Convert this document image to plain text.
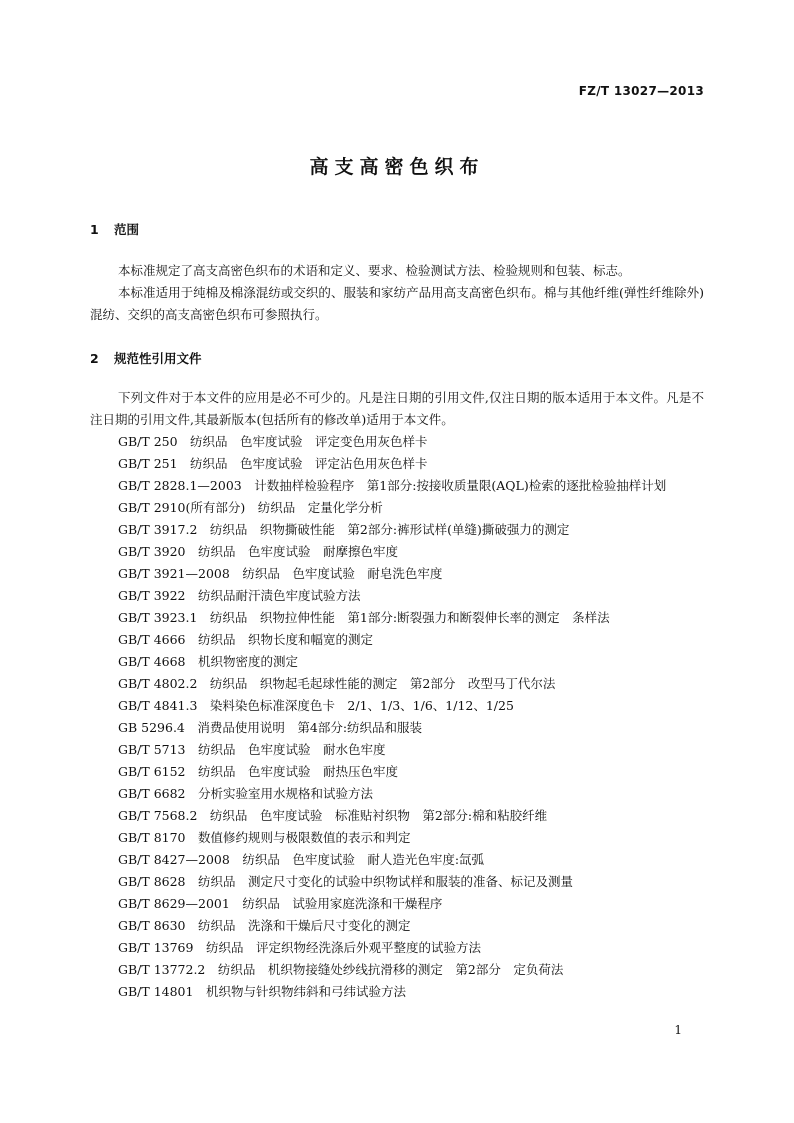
FZ/T 13027—2013
高支高密色织布
1 范围
本标准规定了高支高密色织布的术语和定义、要求、检验测试方法、检验规则和包装、标志。
本标准适用于纯棉及棉涤混纺或交织的、服装和家纺产品用高支高密色织布。棉与其他纤维(弹性纤维除外)混纺、交织的高支高密色织布可参照执行。
2 规范性引用文件
下列文件对于本文件的应用是必不可少的。凡是注日期的引用文件,仅注日期的版本适用于本文件。凡是不注日期的引用文件,其最新版本(包括所有的修改单)适用于本文件。
GB/T 250　纺织品　色牢度试验　评定变色用灰色样卡
GB/T 251　纺织品　色牢度试验　评定沾色用灰色样卡
GB/T 2828.1—2003　计数抽样检验程序　第1部分:按接收质量限(AQL)检索的逐批检验抽样计划
GB/T 2910(所有部分)　纺织品　定量化学分析
GB/T 3917.2　纺织品　织物撕破性能　第2部分:裤形试样(单缝)撕破强力的测定
GB/T 3920　纺织品　色牢度试验　耐摩擦色牢度
GB/T 3921—2008　纺织品　色牢度试验　耐皂洗色牢度
GB/T 3922　纺织品耐汗渍色牢度试验方法
GB/T 3923.1　纺织品　织物拉伸性能　第1部分:断裂强力和断裂伸长率的测定　条样法
GB/T 4666　纺织品　织物长度和幅宽的测定
GB/T 4668　机织物密度的测定
GB/T 4802.2　纺织品　织物起毛起球性能的测定　第2部分　改型马丁代尔法
GB/T 4841.3　染料染色标准深度色卡　2/1、1/3、1/6、1/12、1/25
GB 5296.4　消费品使用说明　第4部分:纺织品和服装
GB/T 5713　纺织品　色牢度试验　耐水色牢度
GB/T 6152　纺织品　色牢度试验　耐热压色牢度
GB/T 6682　分析实验室用水规格和试验方法
GB/T 7568.2　纺织品　色牢度试验　标准贴衬织物　第2部分:棉和粘胶纤维
GB/T 8170　数值修约规则与极限数值的表示和判定
GB/T 8427—2008　纺织品　色牢度试验　耐人造光色牢度:氙弧
GB/T 8628　纺织品　测定尺寸变化的试验中织物试样和服装的准备、标记及测量
GB/T 8629—2001　纺织品　试验用家庭洗涤和干燥程序
GB/T 8630　纺织品　洗涤和干燥后尺寸变化的测定
GB/T 13769　纺织品　评定织物经洗涤后外观平整度的试验方法
GB/T 13772.2　纺织品　机织物接缝处纱线抗滑移的测定　第2部分　定负荷法
GB/T 14801　机织物与针织物纬斜和弓纬试验方法
1
